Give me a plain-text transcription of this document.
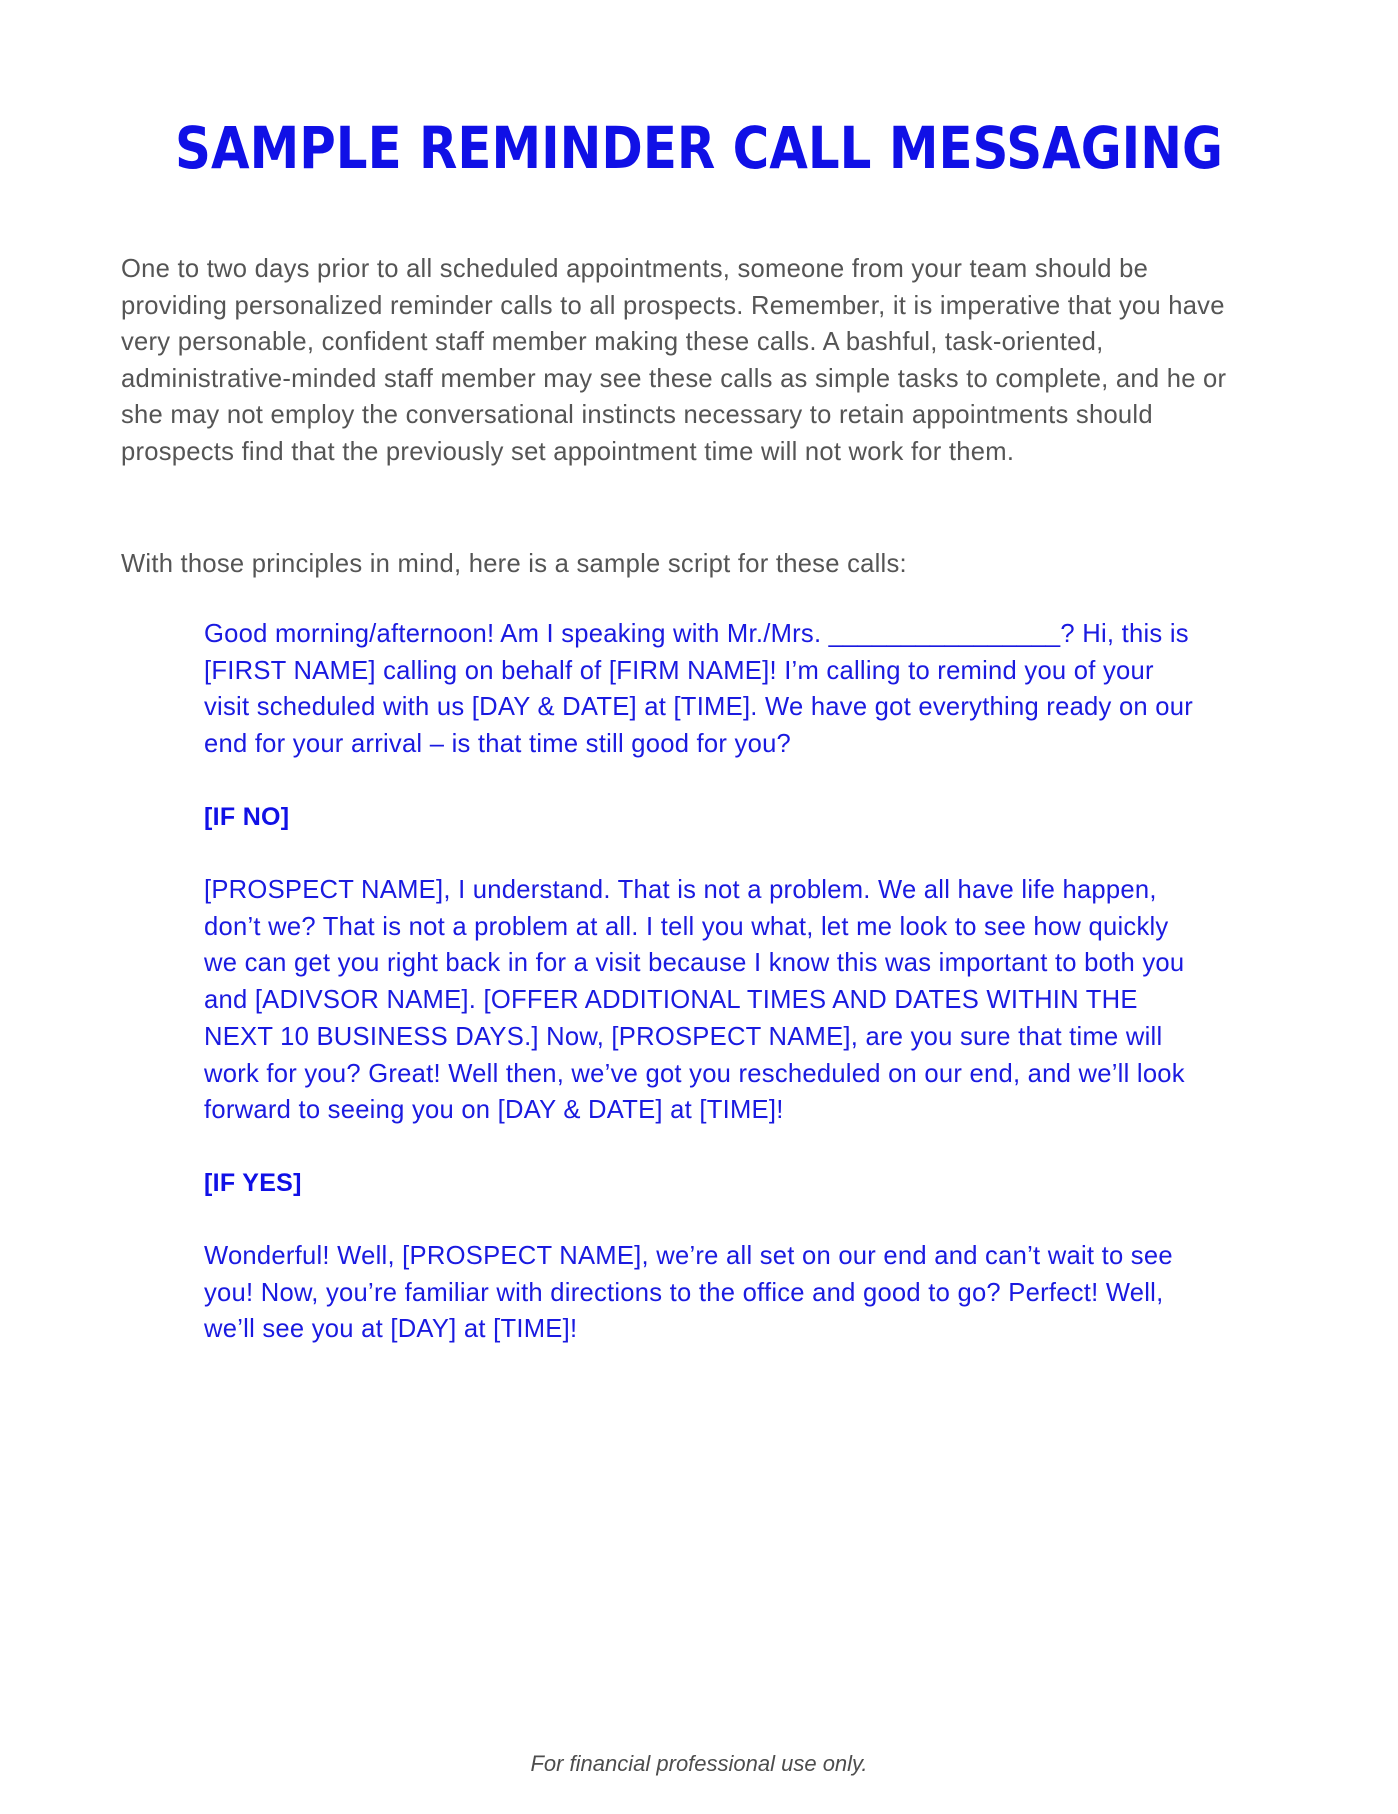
SAMPLE REMINDER CALL MESSAGING

One to two days prior to all scheduled appointments, someone from your team should be providing personalized reminder calls to all prospects. Remember, it is imperative that you have very personable, confident staff member making these calls. A bashful, task-oriented, administrative-minded staff member may see these calls as simple tasks to complete, and he or she may not employ the conversational instincts necessary to retain appointments should prospects find that the previously set appointment time will not work for them.

With those principles in mind, here is a sample script for these calls:

Good morning/afternoon! Am I speaking with Mr./Mrs. ________________? Hi, this is [FIRST NAME] calling on behalf of [FIRM NAME]! I’m calling to remind you of your visit scheduled with us [DAY & DATE] at [TIME]. We have got everything ready on our end for your arrival – is that time still good for you?

[IF NO]

[PROSPECT NAME], I understand. That is not a problem. We all have life happen, don’t we? That is not a problem at all. I tell you what, let me look to see how quickly we can get you right back in for a visit because I know this was important to both you and [ADIVSOR NAME]. [OFFER ADDITIONAL TIMES AND DATES WITHIN THE NEXT 10 BUSINESS DAYS.] Now, [PROSPECT NAME], are you sure that time will work for you? Great! Well then, we’ve got you rescheduled on our end, and we’ll look forward to seeing you on [DAY & DATE] at [TIME]!

[IF YES]

Wonderful! Well, [PROSPECT NAME], we’re all set on our end and can’t wait to see you! Now, you’re familiar with directions to the office and good to go? Perfect! Well, we’ll see you at [DAY] at [TIME]!

For financial professional use only.
